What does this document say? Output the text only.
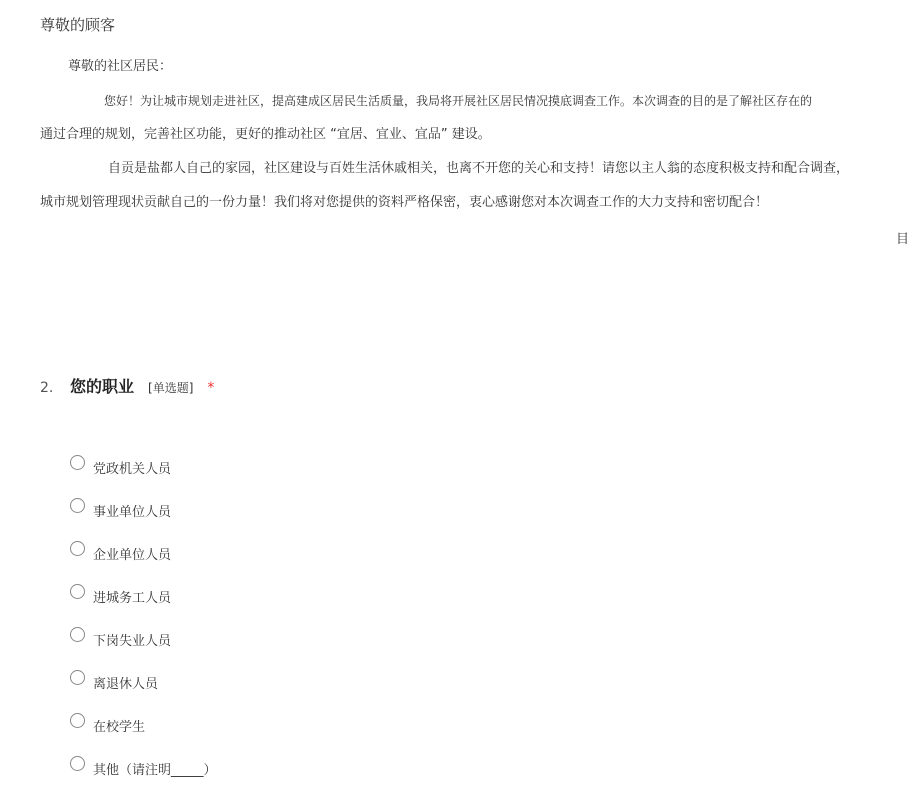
尊敬的顾客
尊敬的社区居民：
您好！为让城市规划走进社区，提高建成区居民生活质量，我局将开展社区居民情况摸底调查工作。本次调查的目的是了解社区存在的
通过合理的规划，完善社区功能，更好的推动社区 “宜居、宜业、宜品” 建设。
自贡是盐都人自己的家园，社区建设与百姓生活休戚相关，也离不开您的关心和支持！请您以主人翁的态度积极支持和配合调查，
城市规划管理现状贡献自己的一份力量！我们将对您提供的资料严格保密，衷心感谢您对本次调查工作的大力支持和密切配合！
目
2.	您的职业 [单选题] *
党政机关人员
事业单位人员
企业单位人员
进城务工人员
下岗失业人员
离退休人员
在校学生
其他（请注明_____）
